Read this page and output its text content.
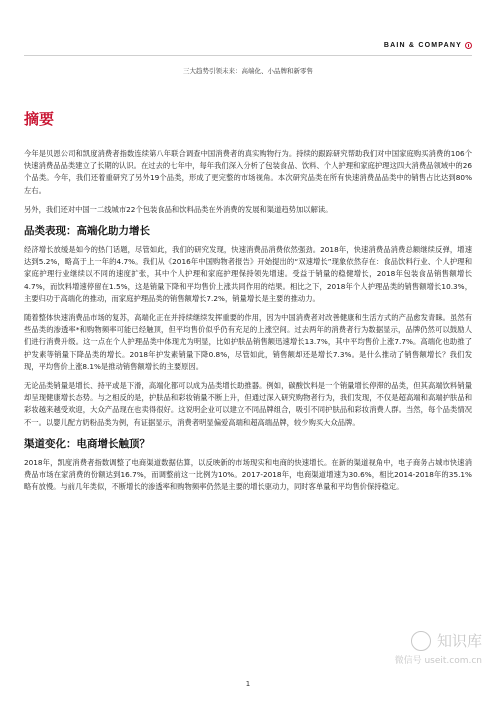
BAIN & COMPANY
三大趋势引领未来：高端化、小品牌和新零售
摘要

今年是贝恩公司和凯度消费者指数连续第八年联合调查中国消费者的真实购物行为。持续的跟踪研究帮助我们对中国家庭购买消费的106个快速消费品品类建立了长期的认识。在过去的七年中，每年我们深入分析了包装食品、饮料、个人护理和家庭护理这四大消费品领域中的26个品类。今年，我们还着重研究了另外19个品类，形成了更完整的市场视角。本次研究品类在所有快速消费品品类中的销售占比达到80%左右。

另外，我们还对中国一二线城市22个包装食品和饮料品类在外消费的发展和渠道趋势加以解读。

品类表现：高端化助力增长

经济增长放缓是如今的热门话题，尽管如此，我们的研究发现，快速消费品消费依然强劲。2018年，快速消费品消费总额继续反弹，增速达到5.2%，略高于上一年的4.7%。我们从《2016年中国购物者报告》开始提出的“双速增长”现象依然存在：食品饮料行业、个人护理和家庭护理行业继续以不同的速度扩张，其中个人护理和家庭护理保持领先增速。受益于销量的稳健增长，2018年包装食品销售额增长4.7%，而饮料增速停留在1.5%，这是销量下降和平均售价上涨共同作用的结果。相比之下，2018年个人护理品类的销售额增长10.3%，主要归功于高端化的推动，而家庭护理品类的销售额增长7.2%，销量增长是主要的推动力。

随着整体快速消费品市场的复苏，高端化正在并持续继续发挥重要的作用，因为中国消费者对改善健康和生活方式的产品愈发青睐。虽然有些品类的渗透率*和购物频率可能已经触顶，但平均售价似乎仍有充足的上涨空间。过去两年的消费者行为数据显示，品牌仍然可以鼓励人们进行消费升级。这一点在个人护理品类中体现尤为明显，比如护肤品销售额迅速增长13.7%，其中平均售价上涨7.7%。高端化也助推了护发素等销量下降品类的增长。2018年护发素销量下降0.8%，尽管如此，销售额却还是增长7.3%。是什么推动了销售额增长？我们发现，平均售价上涨8.1%是推动销售额增长的主要原因。

无论品类销量是增长、持平或是下滑，高端化都可以成为品类增长助推器。例如，碳酸饮料是一个销量增长停滞的品类，但其高端饮料销量却呈现健康增长态势。与之相反的是，护肤品和彩妆销量不断上升，但通过深入研究购物者行为，我们发现，不仅是超高端和高端护肤品和彩妆越来越受欢迎，大众产品现在也卖得很好。这说明企业可以建立不同品牌组合，吸引不同护肤品和彩妆消费人群。当然，每个品类情况不一。以婴儿配方奶粉品类为例，有证据显示，消费者明显偏爱高端和超高端品牌，较少购买大众品牌。

渠道变化：电商增长触顶？

2018年，凯度消费者指数调整了电商渠道数据估算，以反映新的市场现实和电商的快速增长。在新的渠道视角中，电子商务占城市快速消费品市场在家消费的份额达到16.7%，而调整前这一比例为10%。2017-2018年，电商渠道增速为30.6%，相比2014-2018年的35.1%略有放慢。与前几年类似，不断增长的渗透率和购物频率仍然是主要的增长驱动力，同时客单量和平均售价保持稳定。

知识库
微信号 useit.com.cn
1
